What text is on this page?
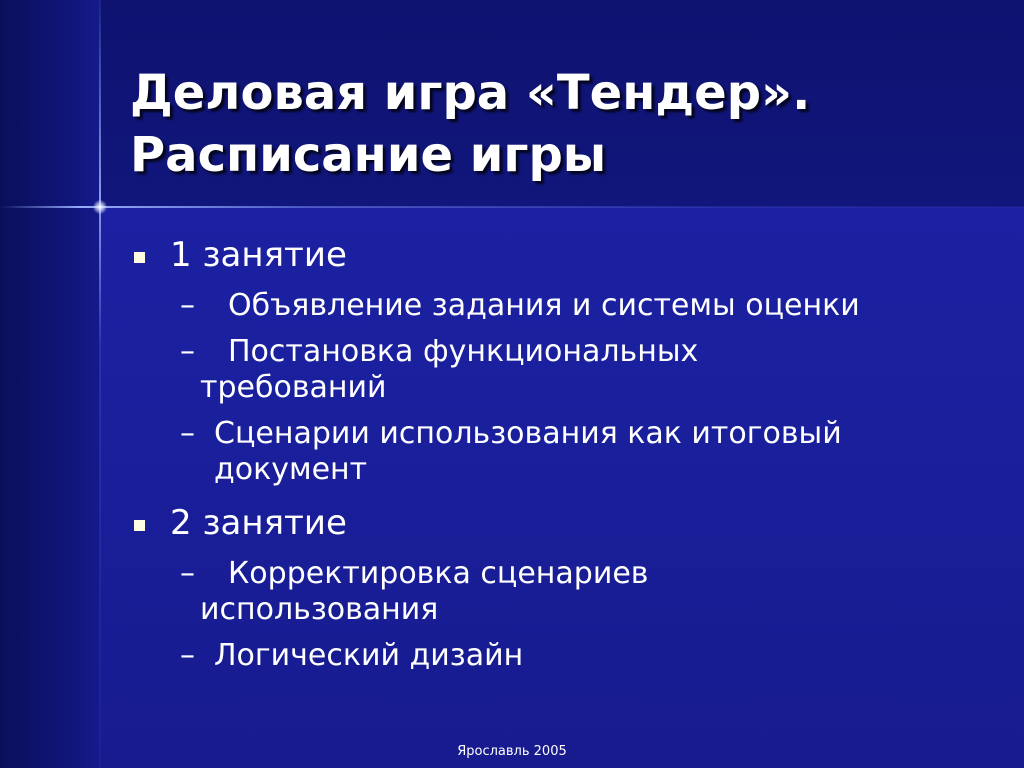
Деловая игра «Тендер».
Расписание игры
1 занятие
– Объявление задания и системы оценки
– Постановка функциональных
требований
– Сценарии использования как итоговый
документ
2 занятие
– Корректировка сценариев
использования
– Логический дизайн
Ярославль 2005
